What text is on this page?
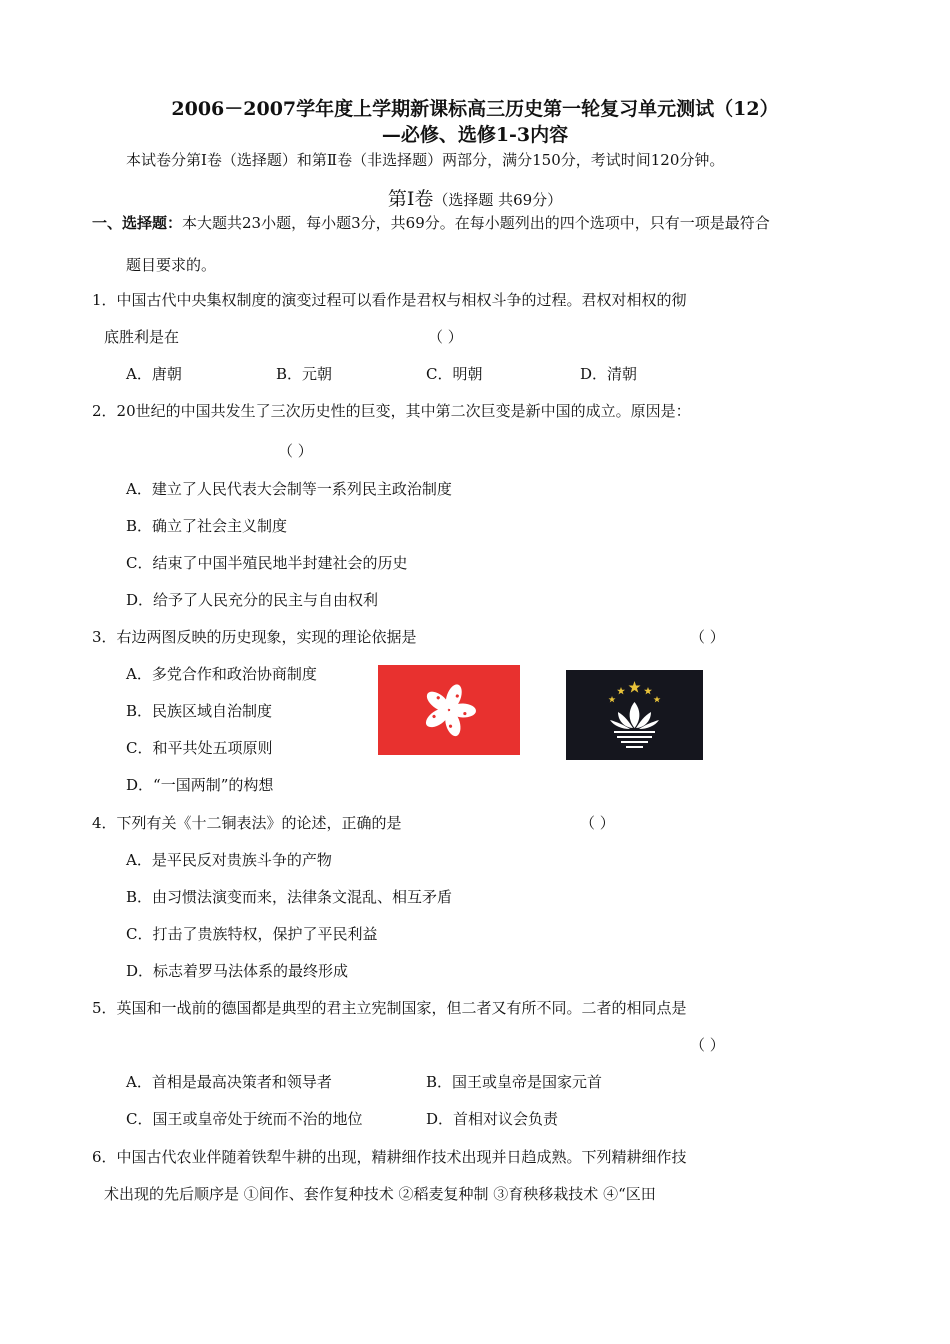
2006－2007学年度上学期新课标高三历史第一轮复习单元测试（12）
—必修、选修1-3内容
本试卷分第Ⅰ卷（选择题）和第Ⅱ卷（非选择题）两部分，满分150分，考试时间120分钟。
第Ⅰ卷（选择题 共69分）
一、选择题：本大题共23小题，每小题3分，共69分。在每小题列出的四个选项中，只有一项是最符合
题目要求的。
1．中国古代中央集权制度的演变过程可以看作是君权与相权斗争的过程。君权对相权的彻
底胜利是在	（ ）
A．唐朝	B．元朝	C．明朝	D．清朝
2．20世纪的中国共发生了三次历史性的巨变，其中第二次巨变是新中国的成立。原因是：
（ ）
A．建立了人民代表大会制等一系列民主政治制度
B．确立了社会主义制度
C．结束了中国半殖民地半封建社会的历史
D．给予了人民充分的民主与自由权利
3．右边两图反映的历史现象，实现的理论依据是	（ ）
A．多党合作和政治协商制度
B．民族区域自治制度
C．和平共处五项原则
D．“一国两制”的构想
4．下列有关《十二铜表法》的论述，正确的是	（ ）
A．是平民反对贵族斗争的产物
B．由习惯法演变而来，法律条文混乱、相互矛盾
C．打击了贵族特权，保护了平民利益
D．标志着罗马法体系的最终形成
5．英国和一战前的德国都是典型的君主立宪制国家，但二者又有所不同。二者的相同点是
（ ）
A．首相是最高决策者和领导者	B．国王或皇帝是国家元首
C．国王或皇帝处于统而不治的地位	D．首相对议会负责
6．中国古代农业伴随着铁犁牛耕的出现，精耕细作技术出现并日趋成熟。下列精耕细作技
术出现的先后顺序是 ①间作、套作复种技术 ②稻麦复种制 ③育秧移栽技术 ④“区田
